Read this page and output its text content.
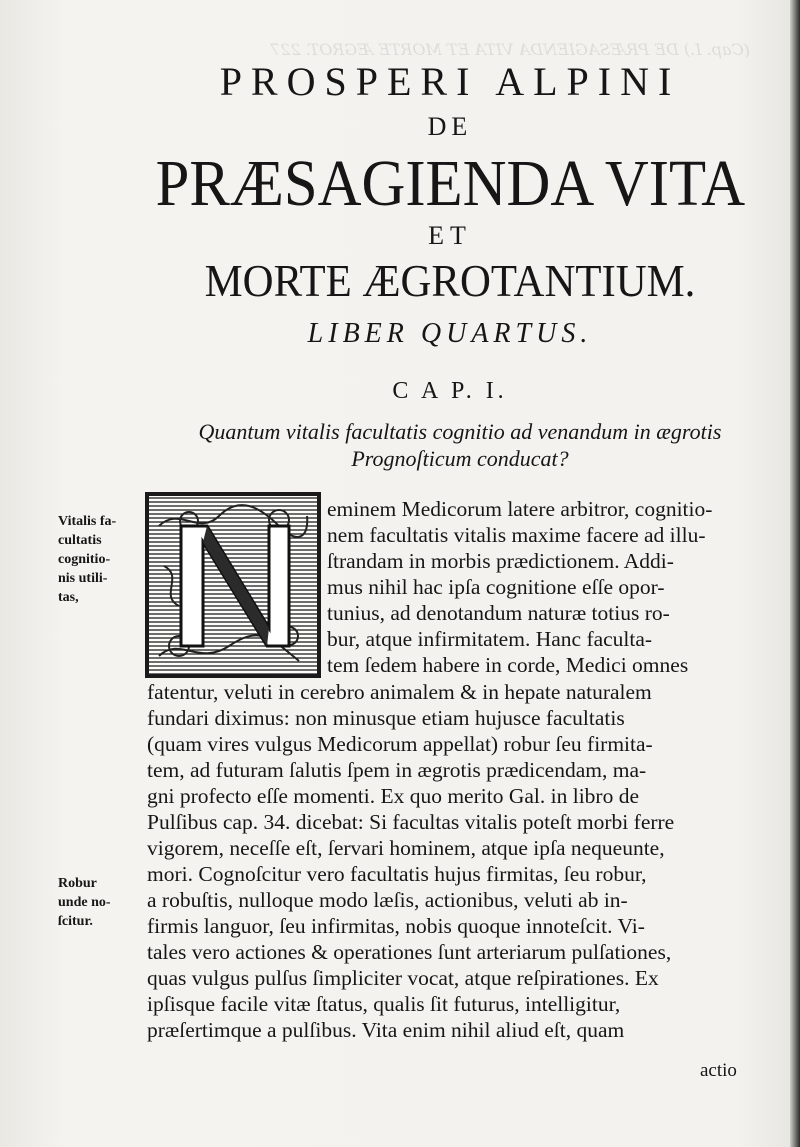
(Cap. I.) DE PRÆSAGIENDA VITA ET MORTE ÆGROT. 227
PROSPERI ALPINI
DE
PRÆSAGIENDA VITA
ET
MORTE ÆGROTANTIUM.
LIBER QUARTUS.
C A P. I.
Quantum vitalis facultatis cognitio ad venandum in ægrotis
Prognoſticum conducat?
Vitalis fa-
cultatis
cognitio-
nis utili-
tas,
Robur
unde no-
ſcitur.
eminem Medicorum latere arbitror, cognitio-
nem facultatis vitalis maxime facere ad illu-
ſtrandam in morbis prædictionem. Addi-
mus nihil hac ipſa cognitione eſſe opor-
tunius, ad denotandum naturæ totius ro-
bur, atque infirmitatem. Hanc faculta-
tem ſedem habere in corde, Medici omnes
fatentur, veluti in cerebro animalem & in hepate naturalem
fundari diximus: non minusque etiam hujusce facultatis
(quam vires vulgus Medicorum appellat) robur ſeu firmita-
tem, ad futuram ſalutis ſpem in ægrotis prædicendam, ma-
gni profecto eſſe momenti. Ex quo merito Gal. in libro de
Pulſibus cap. 34. dicebat: Si facultas vitalis poteſt morbi ferre
vigorem, neceſſe eſt, ſervari hominem, atque ipſa nequeunte,
mori. Cognoſcitur vero facultatis hujus firmitas, ſeu robur,
a robuſtis, nulloque modo læſis, actionibus, veluti ab in-
firmis languor, ſeu infirmitas, nobis quoque innoteſcit. Vi-
tales vero actiones & operationes ſunt arteriarum pulſationes,
quas vulgus pulſus ſimpliciter vocat, atque reſpirationes. Ex
ipſisque facile vitæ ſtatus, qualis ſit futurus, intelligitur,
præſertimque a pulſibus. Vita enim nihil aliud eſt, quam
actio
